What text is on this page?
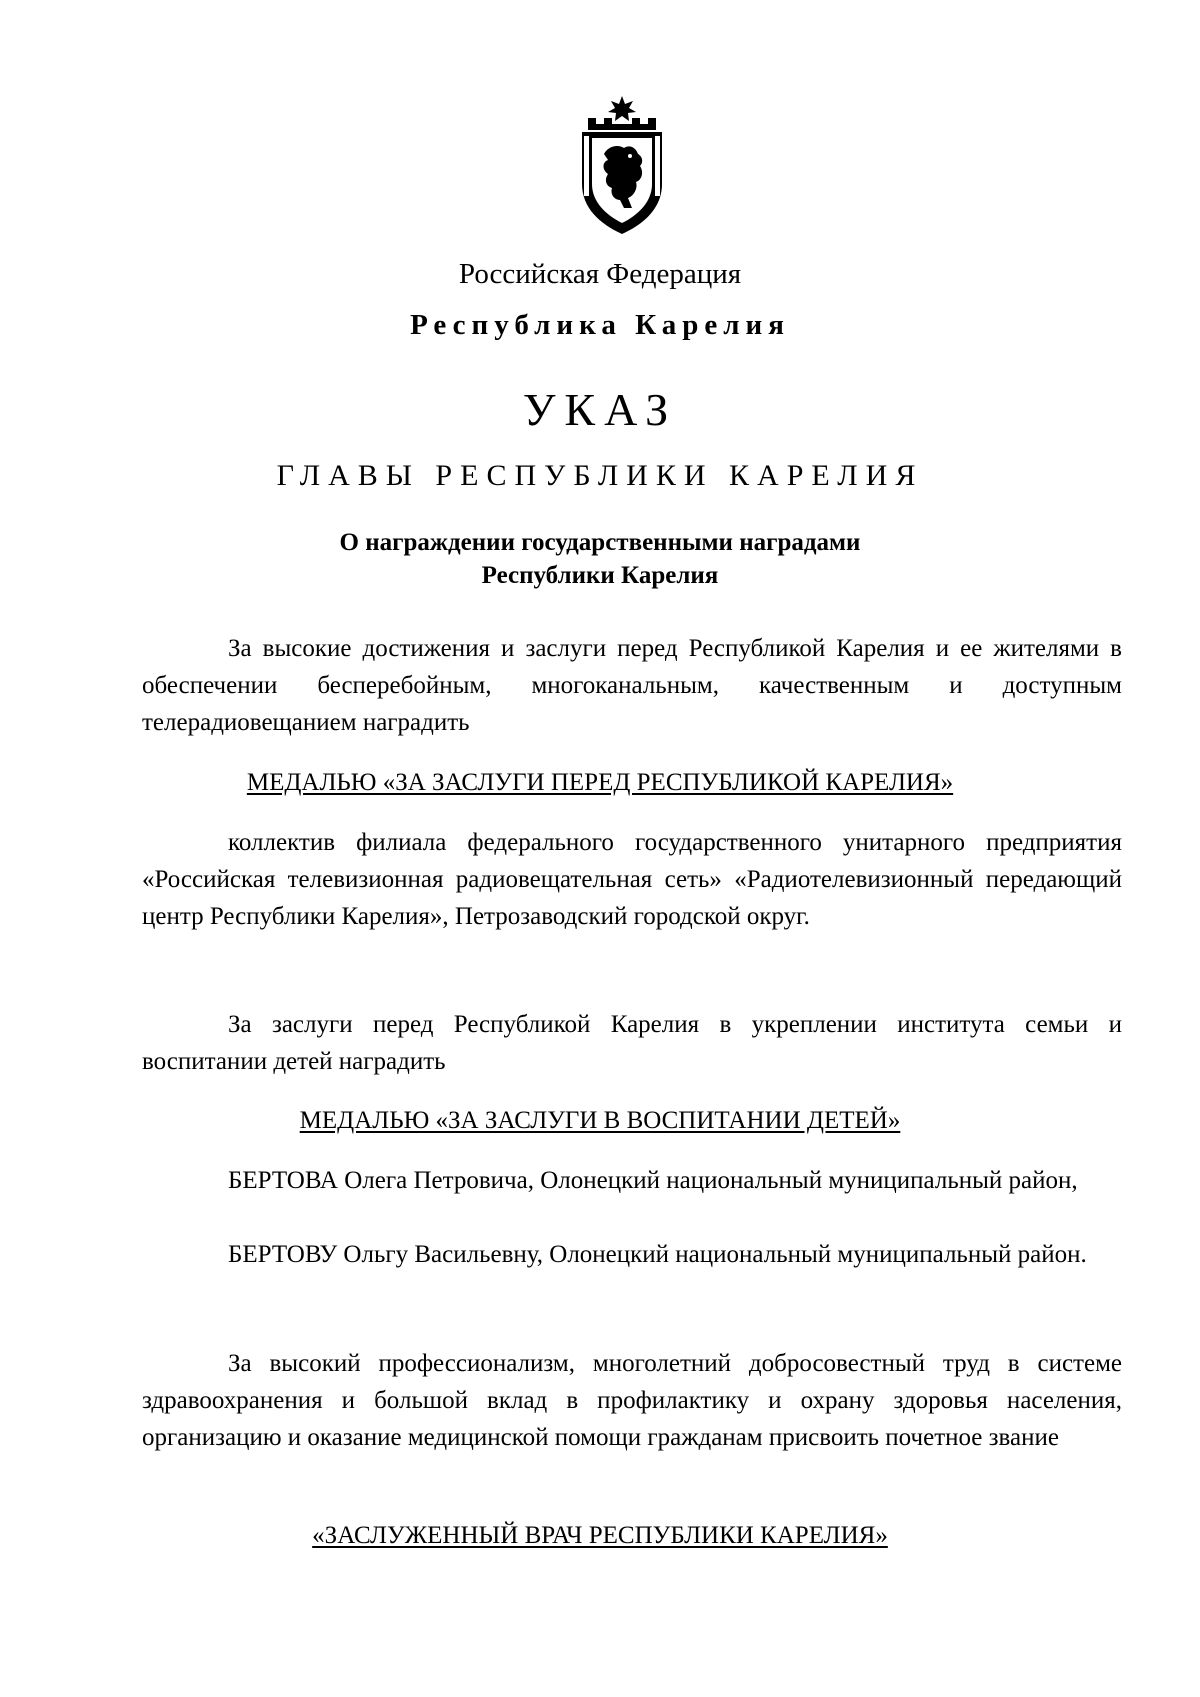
Российская Федерация
Республика Карелия
УКАЗ
ГЛАВЫ РЕСПУБЛИКИ КАРЕЛИЯ
О награждении государственными наградами
Республики Карелия

За высокие достижения и заслуги перед Республикой Карелия и ее жителями в обеспечении бесперебойным, многоканальным, качественным и доступным телерадиовещанием наградить

МЕДАЛЬЮ «ЗА ЗАСЛУГИ ПЕРЕД РЕСПУБЛИКОЙ КАРЕЛИЯ»

коллектив филиала федерального государственного унитарного предприятия «Российская телевизионная радиовещательная сеть» «Радиотелевизионный передающий центр Республики Карелия», Петрозаводский городской округ.

За заслуги перед Республикой Карелия в укреплении института семьи и воспитании детей наградить

МЕДАЛЬЮ «ЗА ЗАСЛУГИ В ВОСПИТАНИИ ДЕТЕЙ»

БЕРТОВА Олега Петровича, Олонецкий национальный муниципальный район,

БЕРТОВУ Ольгу Васильевну, Олонецкий национальный муниципальный район.

За высокий профессионализм, многолетний добросовестный труд в системе здравоохранения и большой вклад в профилактику и охрану здоровья населения, организацию и оказание медицинской помощи гражданам присвоить почетное звание

«ЗАСЛУЖЕННЫЙ ВРАЧ РЕСПУБЛИКИ КАРЕЛИЯ»
